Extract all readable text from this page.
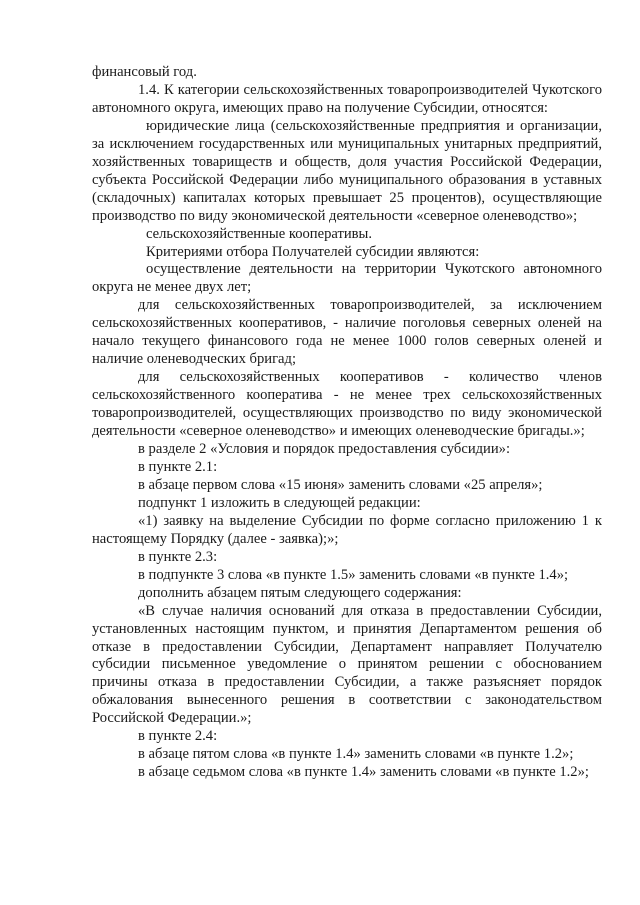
финансовый год.

1.4. К категории сельскохозяйственных товаропроизводителей Чукотского автономного округа, имеющих право на получение Субсидии, относятся:

юридические лица (сельскохозяйственные предприятия и организации, за исключением государственных или муниципальных унитарных предприятий, хозяйственных товариществ и обществ, доля участия Российской Федерации, субъекта Российской Федерации либо муниципального образования в уставных (складочных) капиталах которых превышает 25 процентов), осуществляющие производство по виду экономической деятельности «северное оленеводство»;

сельскохозяйственные кооперативы.

Критериями отбора Получателей субсидии являются:

осуществление деятельности на территории Чукотского автономного округа не менее двух лет;

для сельскохозяйственных товаропроизводителей, за исключением сельскохозяйственных кооперативов, - наличие поголовья северных оленей на начало текущего финансового года не менее 1000 голов северных оленей и наличие оленеводческих бригад;

для сельскохозяйственных кооперативов - количество членов сельскохозяйственного кооператива - не менее трех сельскохозяйственных товаропроизводителей, осуществляющих производство по виду экономической деятельности «северное оленеводство» и имеющих оленеводческие бригады.»;

в разделе 2 «Условия и порядок предоставления субсидии»:

в пункте 2.1:

в абзаце первом слова «15 июня» заменить словами «25 апреля»;

подпункт 1 изложить в следующей редакции:

«1) заявку на выделение Субсидии по форме согласно приложению 1 к настоящему Порядку (далее - заявка);»;

в пункте 2.3:

в подпункте 3 слова «в пункте 1.5» заменить словами «в пункте 1.4»;

дополнить абзацем пятым следующего содержания:

«В случае наличия оснований для отказа в предоставлении Субсидии, установленных настоящим пунктом, и принятия Департаментом решения об отказе в предоставлении Субсидии, Департамент направляет Получателю субсидии письменное уведомление о принятом решении с обоснованием причины отказа в предоставлении Субсидии, а также разъясняет порядок обжалования вынесенного решения в соответствии с законодательством Российской Федерации.»;

в пункте 2.4:

в абзаце пятом слова «в пункте 1.4» заменить словами «в пункте 1.2»;

в абзаце седьмом слова «в пункте 1.4» заменить словами «в пункте 1.2»;
